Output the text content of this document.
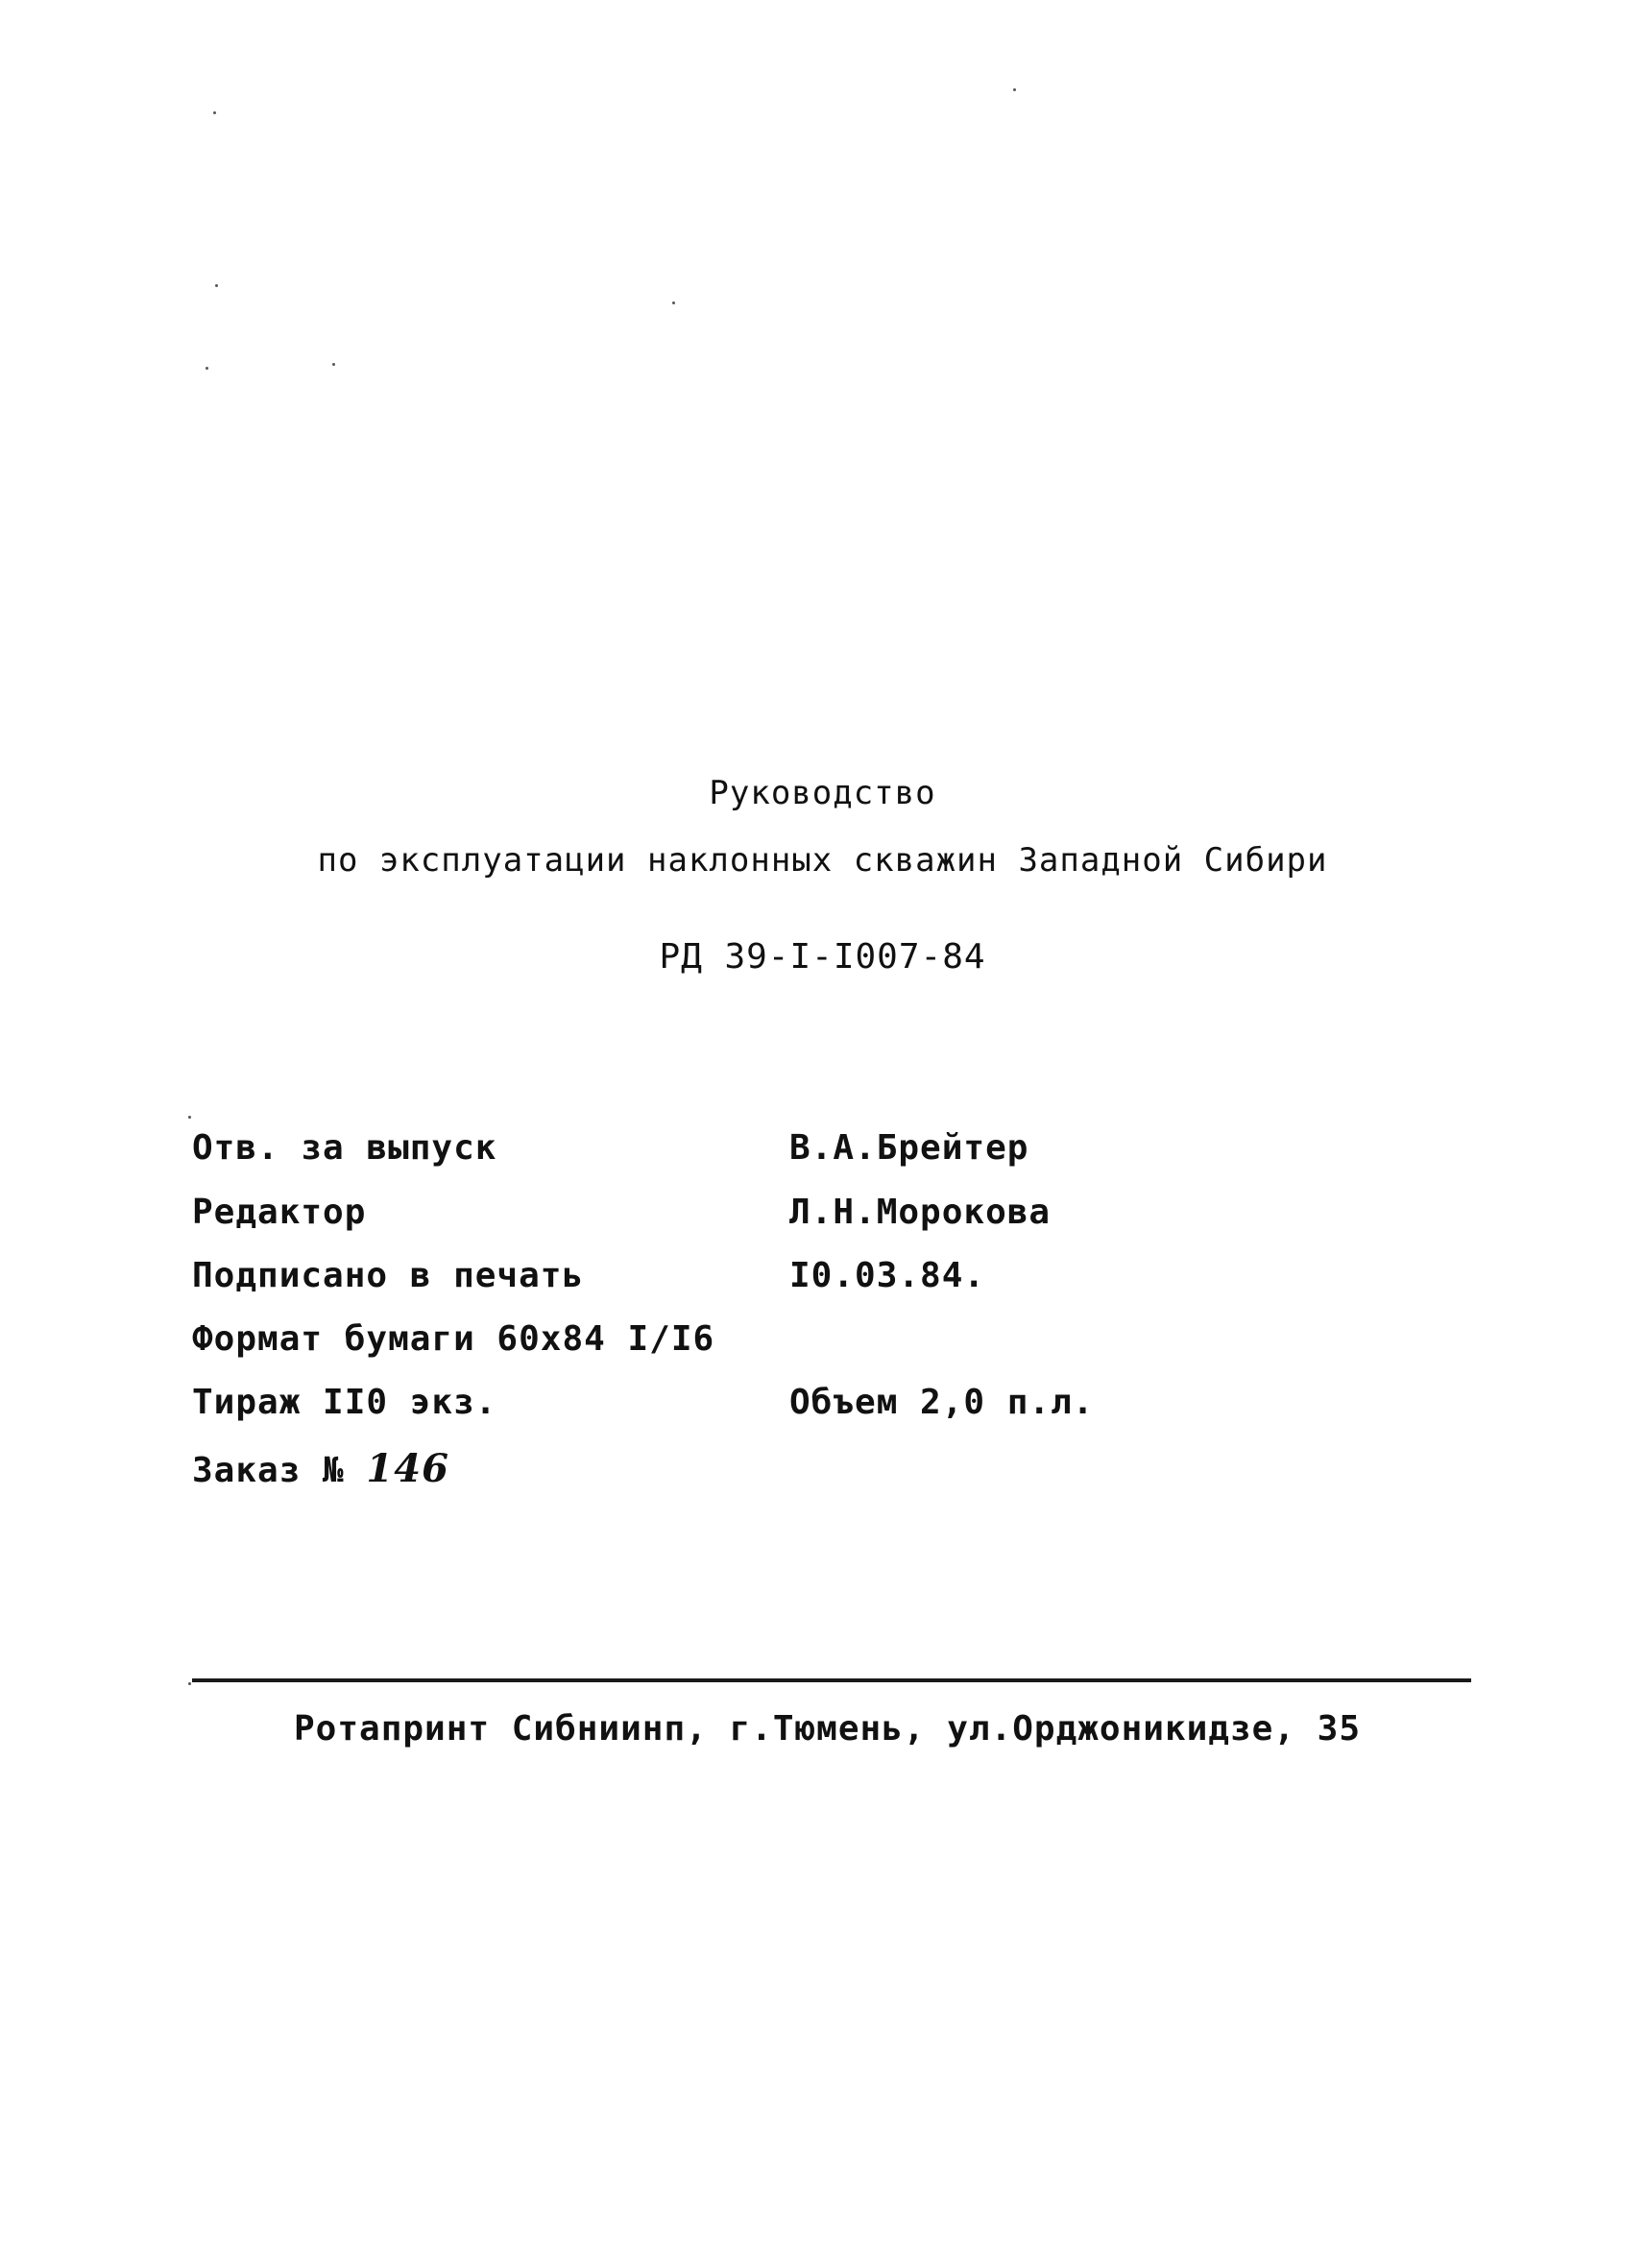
Руководство
по эксплуатации наклонных скважин Западной Сибири
РД 39-I-I007-84
Отв. за выпуск	В.А.Брейтер
Редактор	Л.Н.Морокова
Подписано в печать	I0.03.84.
Формат бумаги 60х84 I/I6
Тираж II0 экз.	Объем 2,0 п.л.
Заказ № 146
Ротапринт Сибниинп, г.Тюмень, ул.Орджоникидзе, 35
